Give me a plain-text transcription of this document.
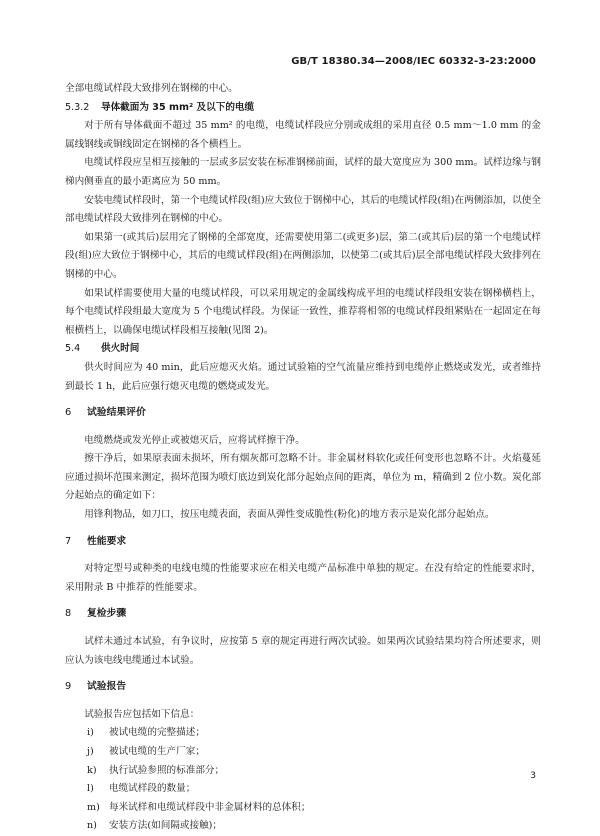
GB/T 18380.34—2008/IEC 60332-3-23:2000

全部电缆试样段大致排列在钢梯的中心。

5.3.2 导体截面为 35 mm² 及以下的电缆

对于所有导体截面不超过 35 mm² 的电缆，电缆试样段应分别或成组的采用直径 0.5 mm～1.0 mm 的金属线钢线或铜线固定在钢梯的各个横档上。

电缆试样段应呈相互接触的一层或多层安装在标准钢梯前面，试样的最大宽度应为 300 mm。试样边缘与钢梯内侧垂直的最小距离应为 50 mm。

安装电缆试样段时，第一个电缆试样段(组)应大致位于钢梯中心，其后的电缆试样段(组)在两侧添加，以使全部电缆试样段大致排列在钢梯的中心。

如果第一(或其后)层用完了钢梯的全部宽度，还需要使用第二(或更多)层，第二(或其后)层的第一个电缆试样段(组)应大致位于钢梯中心，其后的电缆试样段(组)在两侧添加，以使第二(或其后)层全部电缆试样段大致排列在钢梯的中心。

如果试样需要使用大量的电缆试样段，可以采用规定的金属线构成平坦的电缆试样段组安装在钢梯横档上，每个电缆试样段组最大宽度为 5 个电缆试样段。为保证一致性，推荐将相邻的电缆试样段组紧贴在一起固定在每根横档上，以确保电缆试样段相互接触(见图 2)。

5.4 供火时间

供火时间应为 40 min，此后应熄灭火焰。通过试验箱的空气流量应维持到电缆停止燃烧或发光，或者维持到最长 1 h，此后应强行熄灭电缆的燃烧或发光。

6 试验结果评价

电缆燃烧或发光停止或被熄灭后，应将试样擦干净。

擦干净后，如果原表面未损坏，所有烟灰都可忽略不计。非金属材料软化或任何变形也忽略不计。火焰蔓延应通过损坏范围来测定，损坏范围为喷灯底边到炭化部分起始点间的距离，单位为 m，精确到 2 位小数。炭化部分起始点的确定如下：

用锋利物品，如刀口，按压电缆表面，表面从弹性变成脆性(粉化)的地方表示是炭化部分起始点。

7 性能要求

对特定型号或种类的电线电缆的性能要求应在相关电缆产品标准中单独的规定。在没有给定的性能要求时，采用附录 B 中推荐的性能要求。

8 复检步骤

试样未通过本试验，有争议时，应按第 5 章的规定再进行两次试验。如果两次试验结果均符合所述要求，则应认为该电线电缆通过本试验。

9 试验报告

试验报告应包括如下信息：

i) 被试电缆的完整描述；

j) 被试电缆的生产厂家；

k) 执行试验参照的标准部分；

l) 电缆试样段的数量；

m) 每米试样和电缆试样段中非金属材料的总体积；

n) 安装方法(如间隔或接触)；

3
